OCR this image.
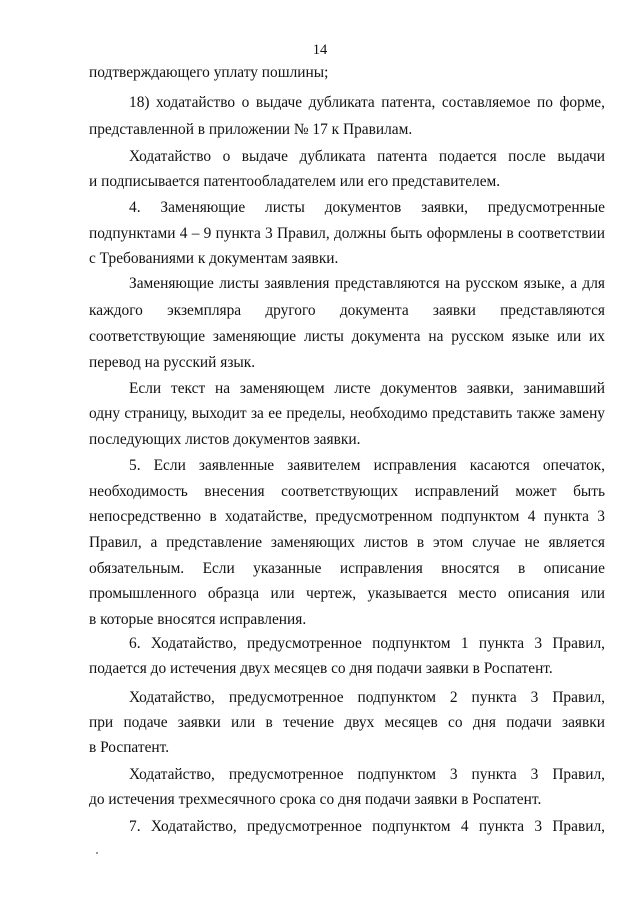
14
подтверждающего уплату пошлины;
18) ходатайство о выдаче дубликата патента, составляемое по форме,
представленной в приложении № 17 к Правилам.
Ходатайство о выдаче дубликата патента подается после выдачи
и подписывается патентообладателем или его представителем.
4. Заменяющие листы документов заявки, предусмотренные
подпунктами 4 – 9 пункта 3 Правил, должны быть оформлены в соответствии
с Требованиями к документам заявки.
Заменяющие листы заявления представляются на русском языке, а для
каждого экземпляра другого документа заявки представляются
соответствующие заменяющие листы документа на русском языке или их
перевод на русский язык.
Если текст на заменяющем листе документов заявки, занимавший
одну страницу, выходит за ее пределы, необходимо представить также замену
последующих листов документов заявки.
5. Если заявленные заявителем исправления касаются опечаток,
необходимость внесения соответствующих исправлений может быть
непосредственно в ходатайстве, предусмотренном подпунктом 4 пункта 3
Правил, а представление заменяющих листов в этом случае не является
обязательным. Если указанные исправления вносятся в описание
промышленного образца или чертеж, указывается место описания или
в которые вносятся исправления.
6. Ходатайство, предусмотренное подпунктом 1 пункта 3 Правил,
подается до истечения двух месяцев со дня подачи заявки в Роспатент.
Ходатайство, предусмотренное подпунктом 2 пункта 3 Правил,
при подаче заявки или в течение двух месяцев со дня подачи заявки
в Роспатент.
Ходатайство, предусмотренное подпунктом 3 пункта 3 Правил,
до истечения трехмесячного срока со дня подачи заявки в Роспатент.
7. Ходатайство, предусмотренное подпунктом 4 пункта 3 Правил,
